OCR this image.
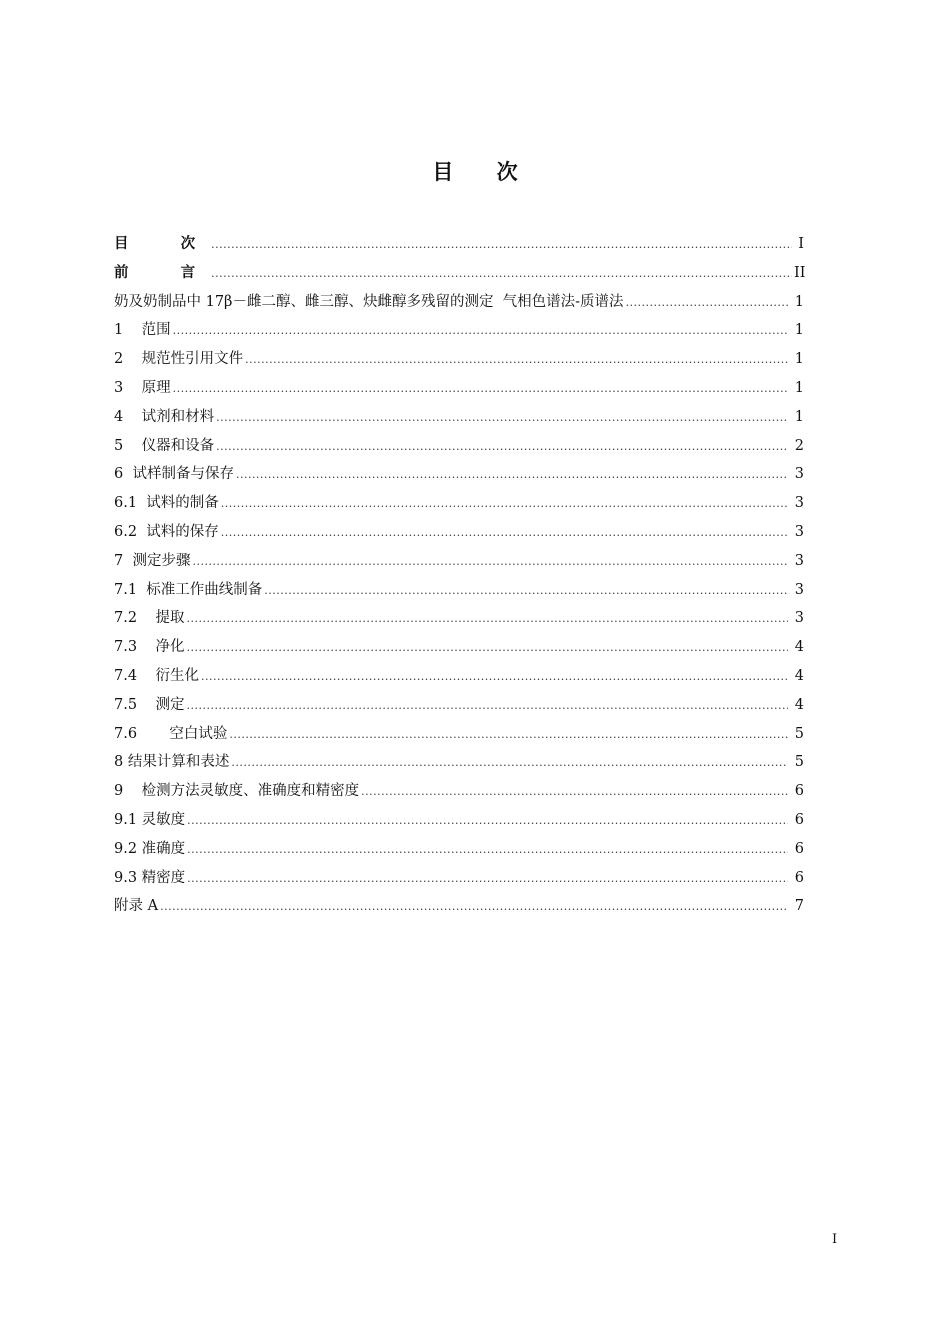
目 次
目  次 .....	I
前  言 .....	II
奶及奶制品中 17β－雌二醇、雌三醇、炔雌醇多残留的测定  气相色谱法-质谱法 .....	1
1    范围 .....	1
2    规范性引用文件 .....	1
3    原理 .....	1
4    试剂和材料 .....	1
5    仪器和设备 .....	2
6  试样制备与保存 .....	3
6.1  试料的制备 .....	3
6.2  试料的保存 .....	3
7  测定步骤 .....	3
7.1  标准工作曲线制备 .....	3
7.2    提取 .....	3
7.3    净化 .....	4
7.4    衍生化 .....	4
7.5    测定 .....	4
7.6       空白试验 .....	5
8 结果计算和表述 .....	5
9    检测方法灵敏度、准确度和精密度 .....	6
9.1 灵敏度 .....	6
9.2 准确度 .....	6
9.3 精密度 .....	6
附录 A .....	7
I
